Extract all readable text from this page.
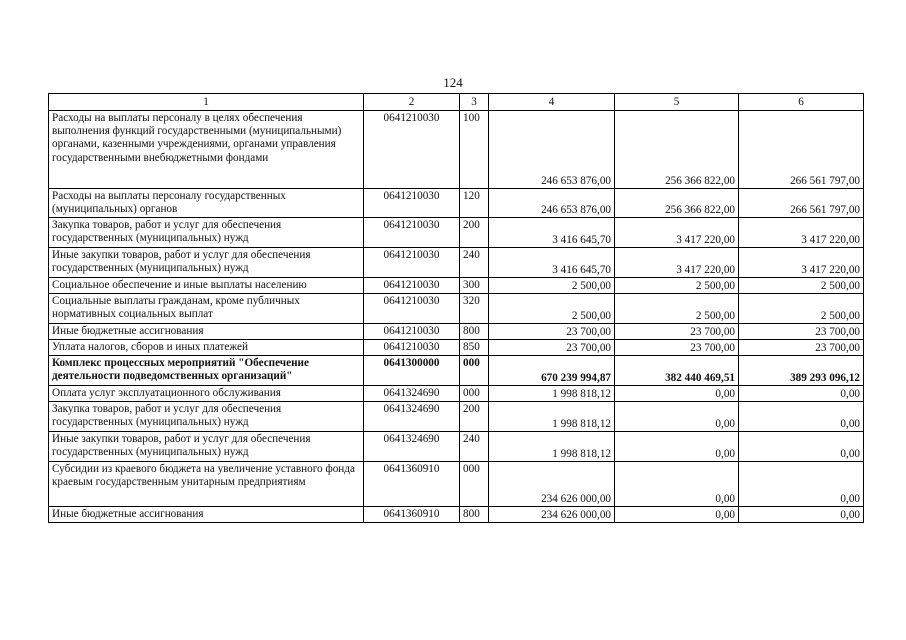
124
1	2	3	4	5	6
Расходы на выплаты персоналу в целях обеспечения выполнения функций государственными (муниципальными) органами, казенными учреждениями, органами управления государственными внебюджетными фондами	0641210030	100	246 653 876,00	256 366 822,00	266 561 797,00
Расходы на выплаты персоналу государственных (муниципальных) органов	0641210030	120	246 653 876,00	256 366 822,00	266 561 797,00
Закупка товаров, работ и услуг для обеспечения государственных (муниципальных) нужд	0641210030	200	3 416 645,70	3 417 220,00	3 417 220,00
Иные закупки товаров, работ и услуг для обеспечения государственных (муниципальных) нужд	0641210030	240	3 416 645,70	3 417 220,00	3 417 220,00
Социальное обеспечение и иные выплаты населению	0641210030	300	2 500,00	2 500,00	2 500,00
Социальные выплаты гражданам, кроме публичных нормативных социальных выплат	0641210030	320	2 500,00	2 500,00	2 500,00
Иные бюджетные ассигнования	0641210030	800	23 700,00	23 700,00	23 700,00
Уплата налогов, сборов и иных платежей	0641210030	850	23 700,00	23 700,00	23 700,00
Комплекс процессных мероприятий "Обеспечение деятельности подведомственных организаций"	0641300000	000	670 239 994,87	382 440 469,51	389 293 096,12
Оплата услуг эксплуатационного обслуживания	0641324690	000	1 998 818,12	0,00	0,00
Закупка товаров, работ и услуг для обеспечения государственных (муниципальных) нужд	0641324690	200	1 998 818,12	0,00	0,00
Иные закупки товаров, работ и услуг для обеспечения государственных (муниципальных) нужд	0641324690	240	1 998 818,12	0,00	0,00
Субсидии из краевого бюджета на увеличение уставного фонда краевым государственным унитарным предприятиям	0641360910	000	234 626 000,00	0,00	0,00
Иные бюджетные ассигнования	0641360910	800	234 626 000,00	0,00	0,00
